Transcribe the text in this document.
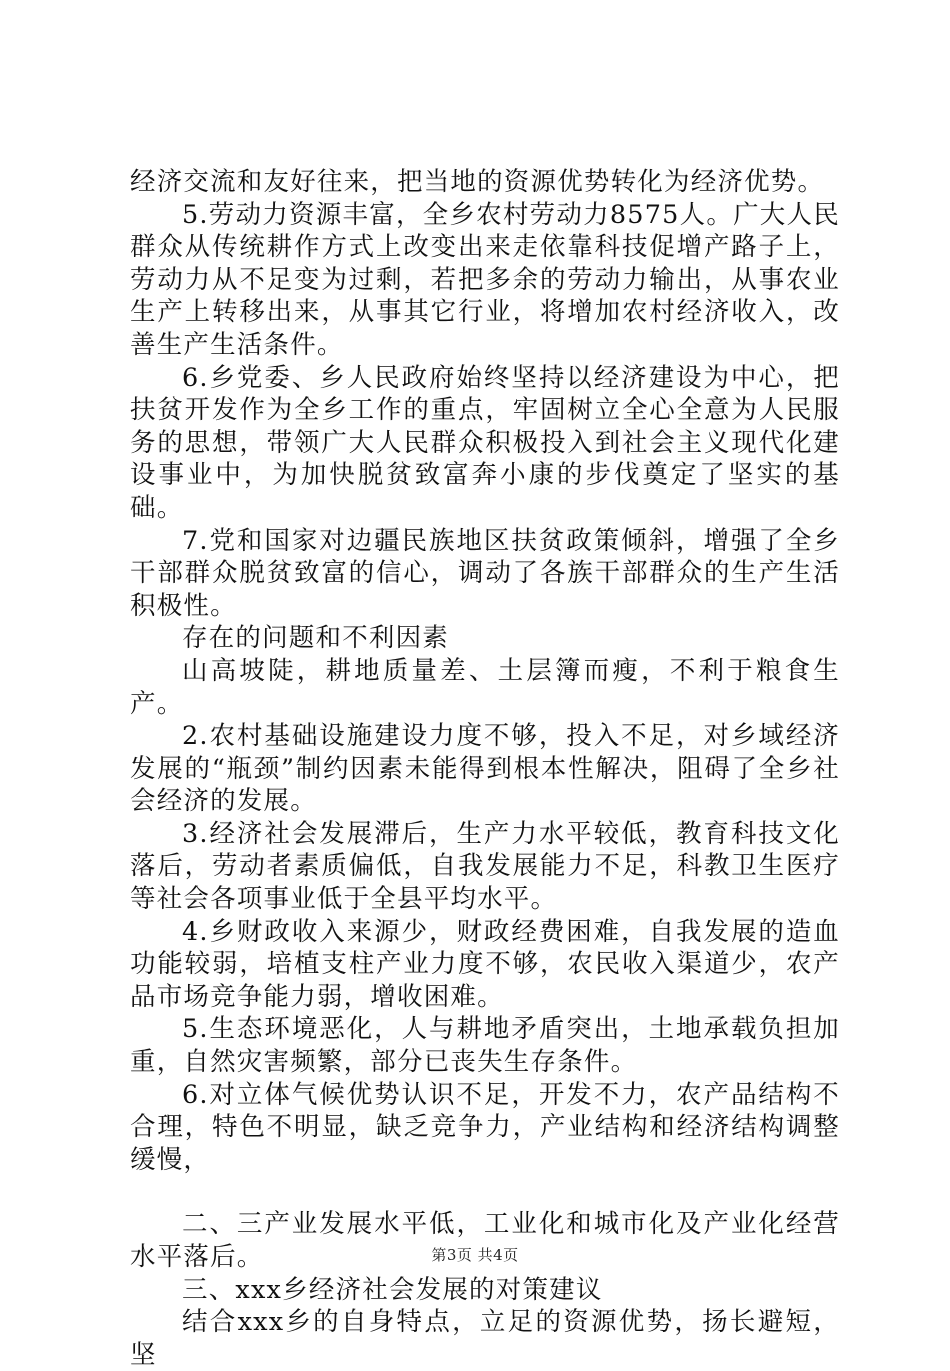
经济交流和友好往来，把当地的资源优势转化为经济优势。

5.劳动力资源丰富，全乡农村劳动力8575人。广大人民群众从传统耕作方式上改变出来走依靠科技促增产路子上，劳动力从不足变为过剩，若把多余的劳动力输出，从事农业生产上转移出来，从事其它行业，将增加农村经济收入，改善生产生活条件。

6.乡党委、乡人民政府始终坚持以经济建设为中心，把扶贫开发作为全乡工作的重点，牢固树立全心全意为人民服务的思想，带领广大人民群众积极投入到社会主义现代化建设事业中，为加快脱贫致富奔小康的步伐奠定了坚实的基础。

7.党和国家对边疆民族地区扶贫政策倾斜，增强了全乡干部群众脱贫致富的信心，调动了各族干部群众的生产生活积极性。

存在的问题和不利因素

山高坡陡，耕地质量差、土层簿而瘦，不利于粮食生产。

2.农村基础设施建设力度不够，投入不足，对乡域经济发展的“瓶颈”制约因素未能得到根本性解决，阻碍了全乡社会经济的发展。

3.经济社会发展滞后，生产力水平较低，教育科技文化落后，劳动者素质偏低，自我发展能力不足，科教卫生医疗等社会各项事业低于全县平均水平。

4.乡财政收入来源少，财政经费困难，自我发展的造血功能较弱，培植支柱产业力度不够，农民收入渠道少，农产品市场竞争能力弱，增收困难。

5.生态环境恶化，人与耕地矛盾突出，土地承载负担加重，自然灾害频繁，部分已丧失生存条件。

6.对立体气候优势认识不足，开发不力，农产品结构不合理，特色不明显，缺乏竞争力，产业结构和经济结构调整缓慢，

二、三产业发展水平低，工业化和城市化及产业化经营水平落后。

三、xxx乡经济社会发展的对策建议

结合xxx乡的自身特点，立足的资源优势，扬长避短，坚

第3页 共4页
